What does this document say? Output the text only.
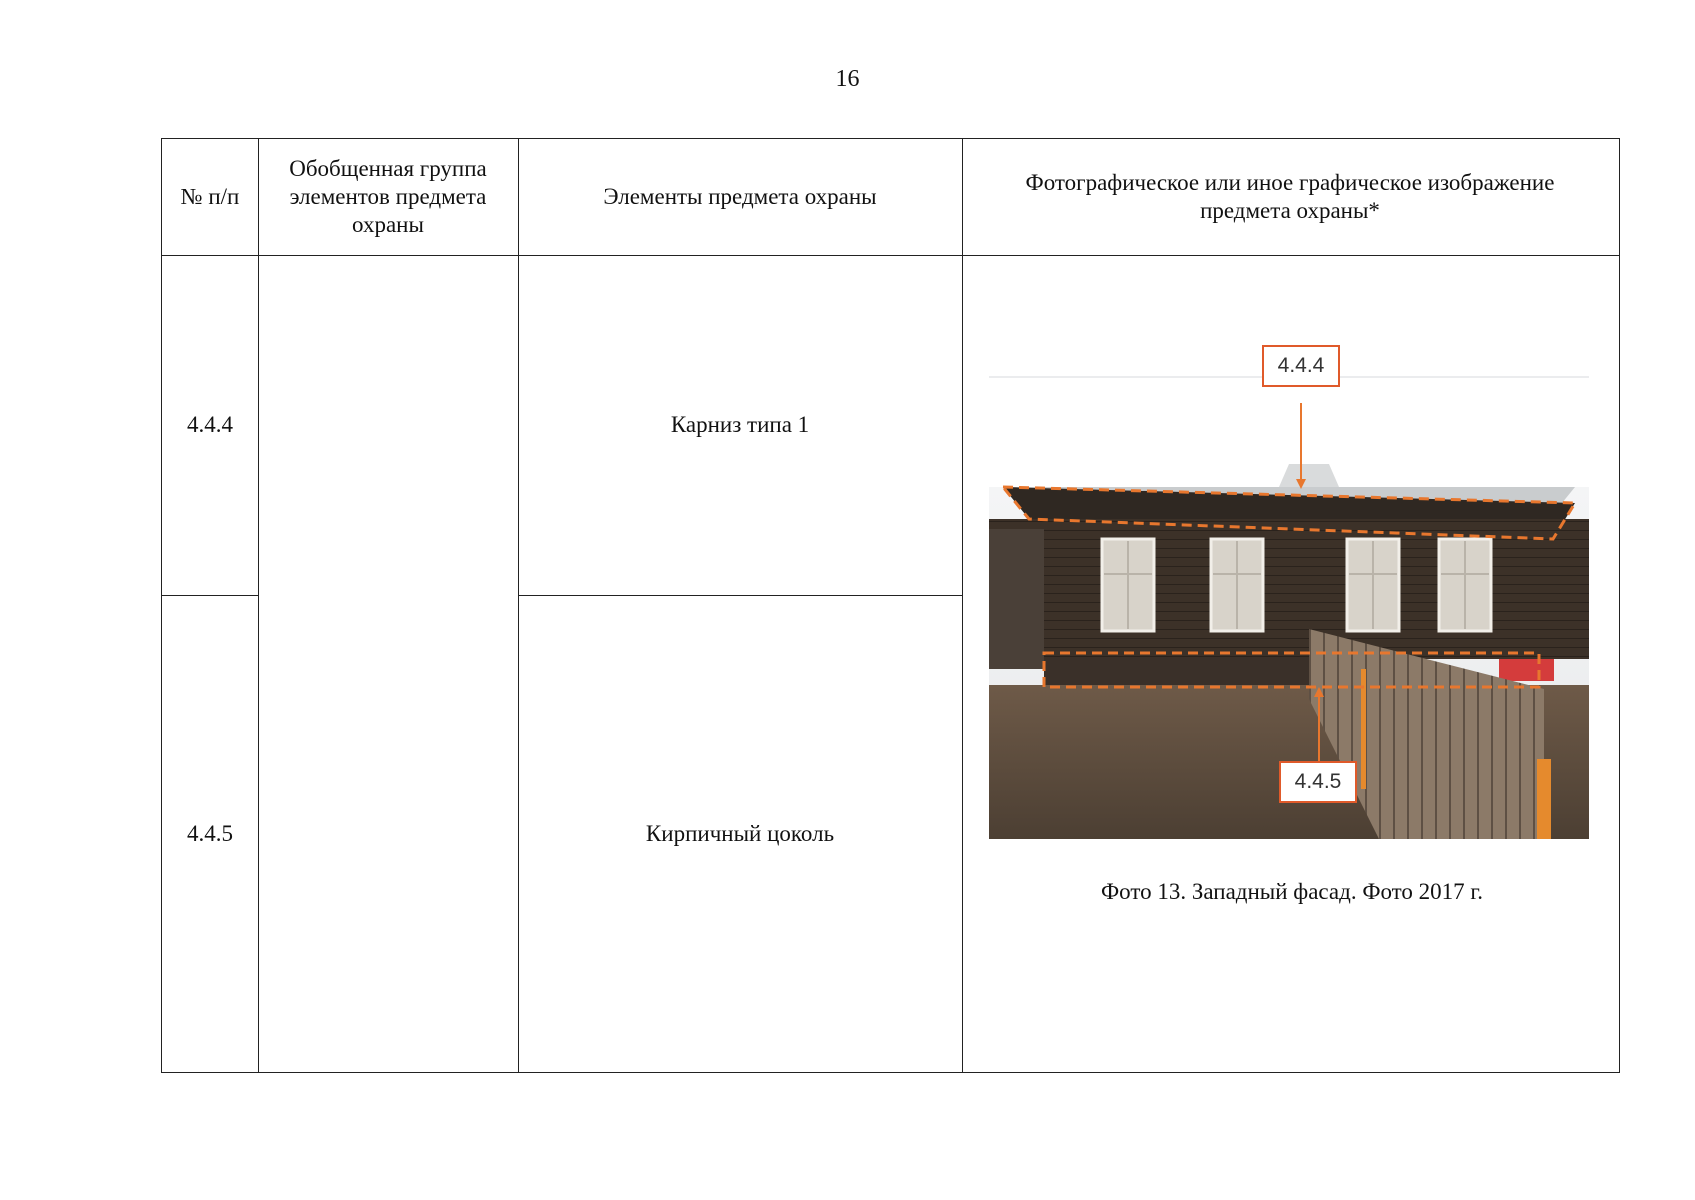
16
№ п/п
Обобщенная группа элементов предмета охраны
Элементы предмета охраны
Фотографическое или иное графическое изображение предмета охраны*
4.4.4	Карниз типа 1
4.4.5	Кирпичный цоколь
4.4.4
4.4.5
Фото 13. Западный фасад. Фото 2017 г.
